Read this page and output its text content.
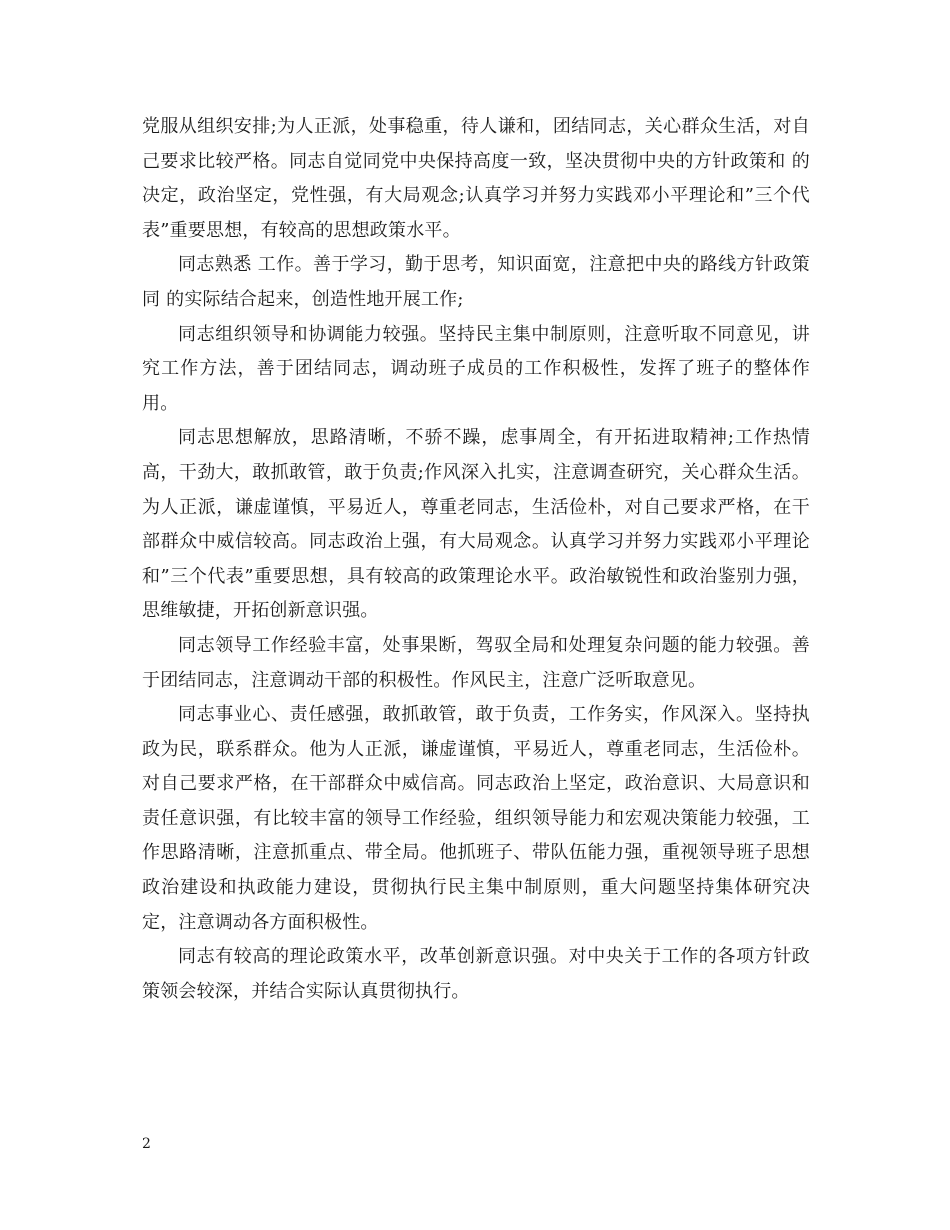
党服从组织安排;为人正派，处事稳重，待人谦和，团结同志，关心群众生活，对自己要求比较严格。同志自觉同党中央保持高度一致，坚决贯彻中央的方针政策和 的决定，政治坚定，党性强，有大局观念;认真学习并努力实践邓小平理论和”三个代表”重要思想，有较高的思想政策水平。

同志熟悉 工作。善于学习，勤于思考，知识面宽，注意把中央的路线方针政策同 的实际结合起来，创造性地开展工作;

同志组织领导和协调能力较强。坚持民主集中制原则，注意听取不同意见，讲究工作方法，善于团结同志，调动班子成员的工作积极性，发挥了班子的整体作用。

同志思想解放，思路清晰，不骄不躁，虑事周全，有开拓进取精神;工作热情高，干劲大，敢抓敢管，敢于负责;作风深入扎实，注意调查研究，关心群众生活。为人正派，谦虚谨慎，平易近人，尊重老同志，生活俭朴，对自己要求严格，在干部群众中威信较高。同志政治上强，有大局观念。认真学习并努力实践邓小平理论和”三个代表”重要思想，具有较高的政策理论水平。政治敏锐性和政治鉴别力强，思维敏捷，开拓创新意识强。

同志领导工作经验丰富，处事果断，驾驭全局和处理复杂问题的能力较强。善于团结同志，注意调动干部的积极性。作风民主，注意广泛听取意见。

同志事业心、责任感强，敢抓敢管，敢于负责，工作务实，作风深入。坚持执政为民，联系群众。他为人正派，谦虚谨慎，平易近人，尊重老同志，生活俭朴。对自己要求严格，在干部群众中威信高。同志政治上坚定，政治意识、大局意识和责任意识强，有比较丰富的领导工作经验，组织领导能力和宏观决策能力较强，工作思路清晰，注意抓重点、带全局。他抓班子、带队伍能力强，重视领导班子思想政治建设和执政能力建设，贯彻执行民主集中制原则，重大问题坚持集体研究决定，注意调动各方面积极性。

同志有较高的理论政策水平，改革创新意识强。对中央关于工作的各项方针政策领会较深，并结合实际认真贯彻执行。

2
